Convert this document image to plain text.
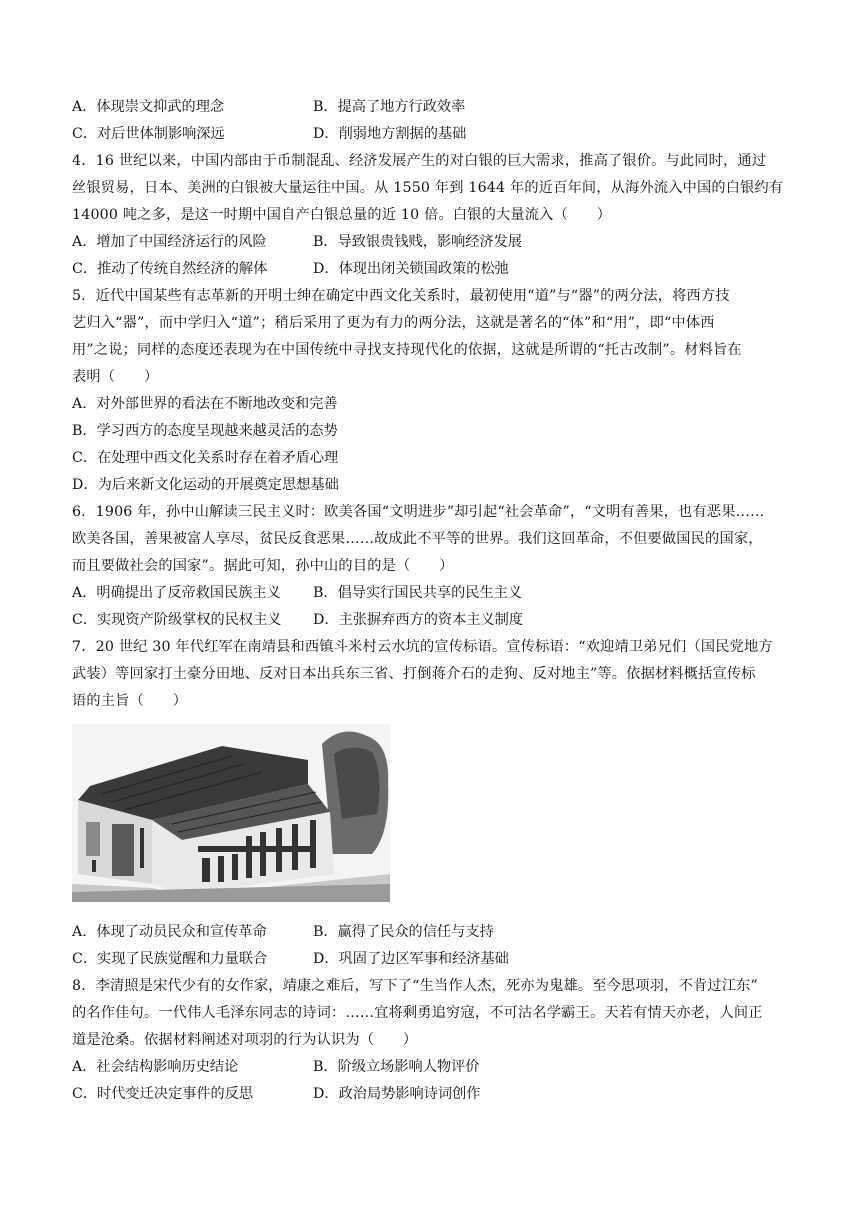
A．体现崇文抑武的理念	B．提高了地方行政效率
C．对后世体制影响深远	D．削弱地方割据的基础
4．16 世纪以来，中国内部由于币制混乱、经济发展产生的对白银的巨大需求，推高了银价。与此同时，通过
丝银贸易，日本、美洲的白银被大量运往中国。从 1550 年到 1644 年的近百年间，从海外流入中国的白银约有
14000 吨之多，是这一时期中国自产白银总量的近 10 倍。白银的大量流入（　　）
A．增加了中国经济运行的风险	B．导致银贵钱贱，影响经济发展
C．推动了传统自然经济的解体	D．体现出闭关锁国政策的松弛
5．近代中国某些有志革新的开明士绅在确定中西文化关系时，最初使用“道”与“器”的两分法，将西方技
艺归入“器”，而中学归入“道”；稍后采用了更为有力的两分法，这就是著名的“体”和“用”，即“中体西
用”之说；同样的态度还表现为在中国传统中寻找支持现代化的依据，这就是所谓的“托古改制”。材料旨在
表明（　　）
A．对外部世界的看法在不断地改变和完善
B．学习西方的态度呈现越来越灵活的态势
C．在处理中西文化关系时存在着矛盾心理
D．为后来新文化运动的开展奠定思想基础
6．1906 年，孙中山解读三民主义时：欧美各国“文明进步”却引起“社会革命”，“文明有善果，也有恶果……
欧美各国，善果被富人享尽，贫民反食恶果……故成此不平等的世界。我们这回革命，不但要做国民的国家，
而且要做社会的国家”。据此可知，孙中山的目的是（　　）
A．明确提出了反帝救国民族主义 B．倡导实行国民共享的民生主义
C．实现资产阶级掌权的民权主义 D．主张摒弃西方的资本主义制度
7．20 世纪 30 年代红军在南靖县和西镇斗米村云水坑的宣传标语。宣传标语：“欢迎靖卫弟兄们（国民党地方
武装）等回家打土豪分田地、反对日本出兵东三省、打倒蒋介石的走狗、反对地主”等。依据材料概括宣传标
语的主旨（　　）
A．体现了动员民众和宣传革命	B．赢得了民众的信任与支持
C．实现了民族觉醒和力量联合	D．巩固了边区军事和经济基础
8．李清照是宋代少有的女作家，靖康之难后，写下了“生当作人杰，死亦为鬼雄。至今思项羽，不肯过江东”
的名作佳句。一代伟人毛泽东同志的诗词：……宜将剩勇追穷寇，不可沽名学霸王。天若有情天亦老，人间正
道是沧桑。依据材料阐述对项羽的行为认识为（　　）
A．社会结构影响历史结论	B．阶级立场影响人物评价
C．时代变迁决定事件的反思	D．政治局势影响诗词创作
